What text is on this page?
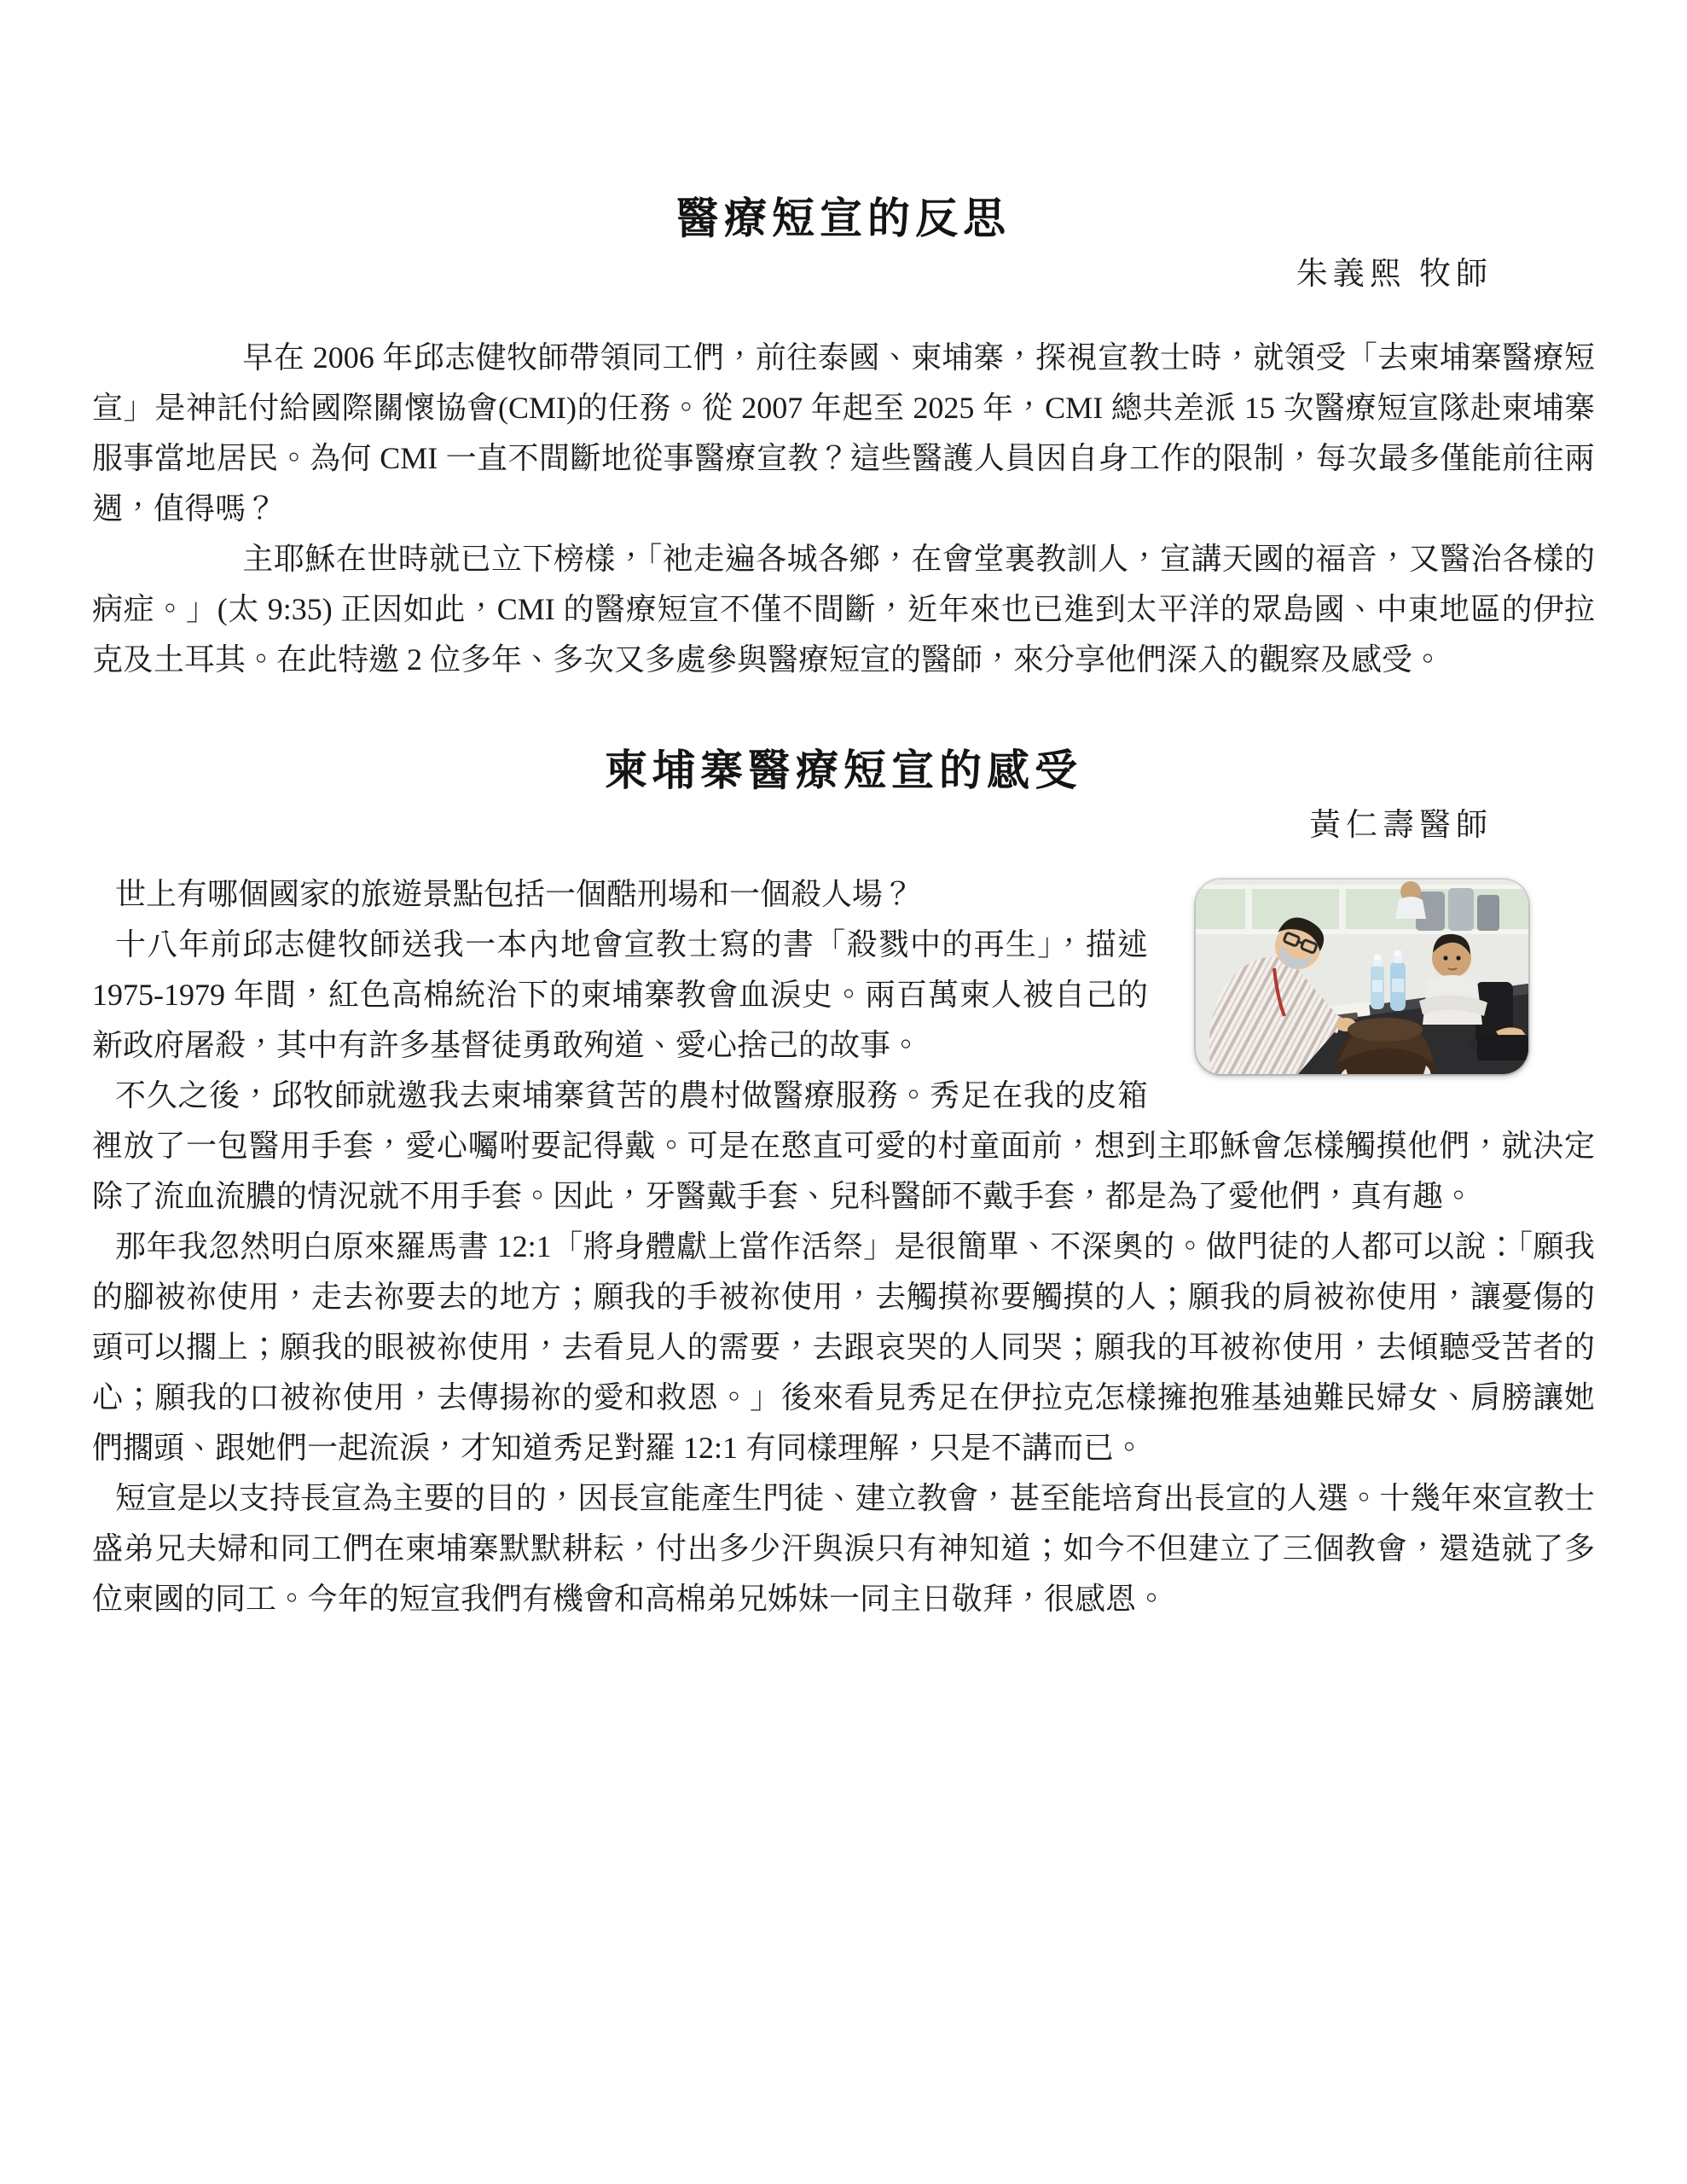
醫療短宣的反思
朱義熙 牧師

早在 2006 年邱志健牧師帶領同工們，前往泰國、柬埔寨，探視宣教士時，就領受「去柬埔寨醫療短宣」是神託付給國際關懷協會(CMI)的任務。從 2007 年起至 2025 年，CMI 總共差派 15 次醫療短宣隊赴柬埔寨服事當地居民。為何 CMI 一直不間斷地從事醫療宣教？這些醫護人員因自身工作的限制，每次最多僅能前往兩週，值得嗎？

主耶穌在世時就已立下榜樣，「祂走遍各城各鄉，在會堂裏教訓人，宣講天國的福音，又醫治各樣的病症。」(太 9:35) 正因如此，CMI 的醫療短宣不僅不間斷，近年來也已進到太平洋的眾島國、中東地區的伊拉克及土耳其。在此特邀 2 位多年、多次又多處參與醫療短宣的醫師，來分享他們深入的觀察及感受。

柬埔寨醫療短宣的感受
黃仁壽醫師

世上有哪個國家的旅遊景點包括一個酷刑場和一個殺人場？

十八年前邱志健牧師送我一本內地會宣教士寫的書「殺戮中的再生」，描述 1975-1979 年間，紅色高棉統治下的柬埔寨教會血淚史。兩百萬柬人被自己的新政府屠殺，其中有許多基督徒勇敢殉道、愛心捨己的故事。

不久之後，邱牧師就邀我去柬埔寨貧苦的農村做醫療服務。秀足在我的皮箱裡放了一包醫用手套，愛心囑咐要記得戴。可是在憨直可愛的村童面前，想到主耶穌會怎樣觸摸他們，就決定除了流血流膿的情況就不用手套。因此，牙醫戴手套、兒科醫師不戴手套，都是為了愛他們，真有趣。

那年我忽然明白原來羅馬書 12:1「將身體獻上當作活祭」是很簡單、不深奧的。做門徒的人都可以說：「願我的腳被祢使用，走去祢要去的地方；願我的手被祢使用，去觸摸祢要觸摸的人；願我的肩被祢使用，讓憂傷的頭可以擱上；願我的眼被祢使用，去看見人的需要，去跟哀哭的人同哭；願我的耳被祢使用，去傾聽受苦者的心；願我的口被祢使用，去傳揚祢的愛和救恩。」後來看見秀足在伊拉克怎樣擁抱雅基迪難民婦女、肩膀讓她們擱頭、跟她們一起流淚，才知道秀足對羅 12:1 有同樣理解，只是不講而已。

短宣是以支持長宣為主要的目的，因長宣能產生門徒、建立教會，甚至能培育出長宣的人選。十幾年來宣教士盛弟兄夫婦和同工們在柬埔寨默默耕耘，付出多少汗與淚只有神知道；如今不但建立了三個教會，還造就了多位柬國的同工。今年的短宣我們有機會和高棉弟兄姊妹一同主日敬拜，很感恩。
